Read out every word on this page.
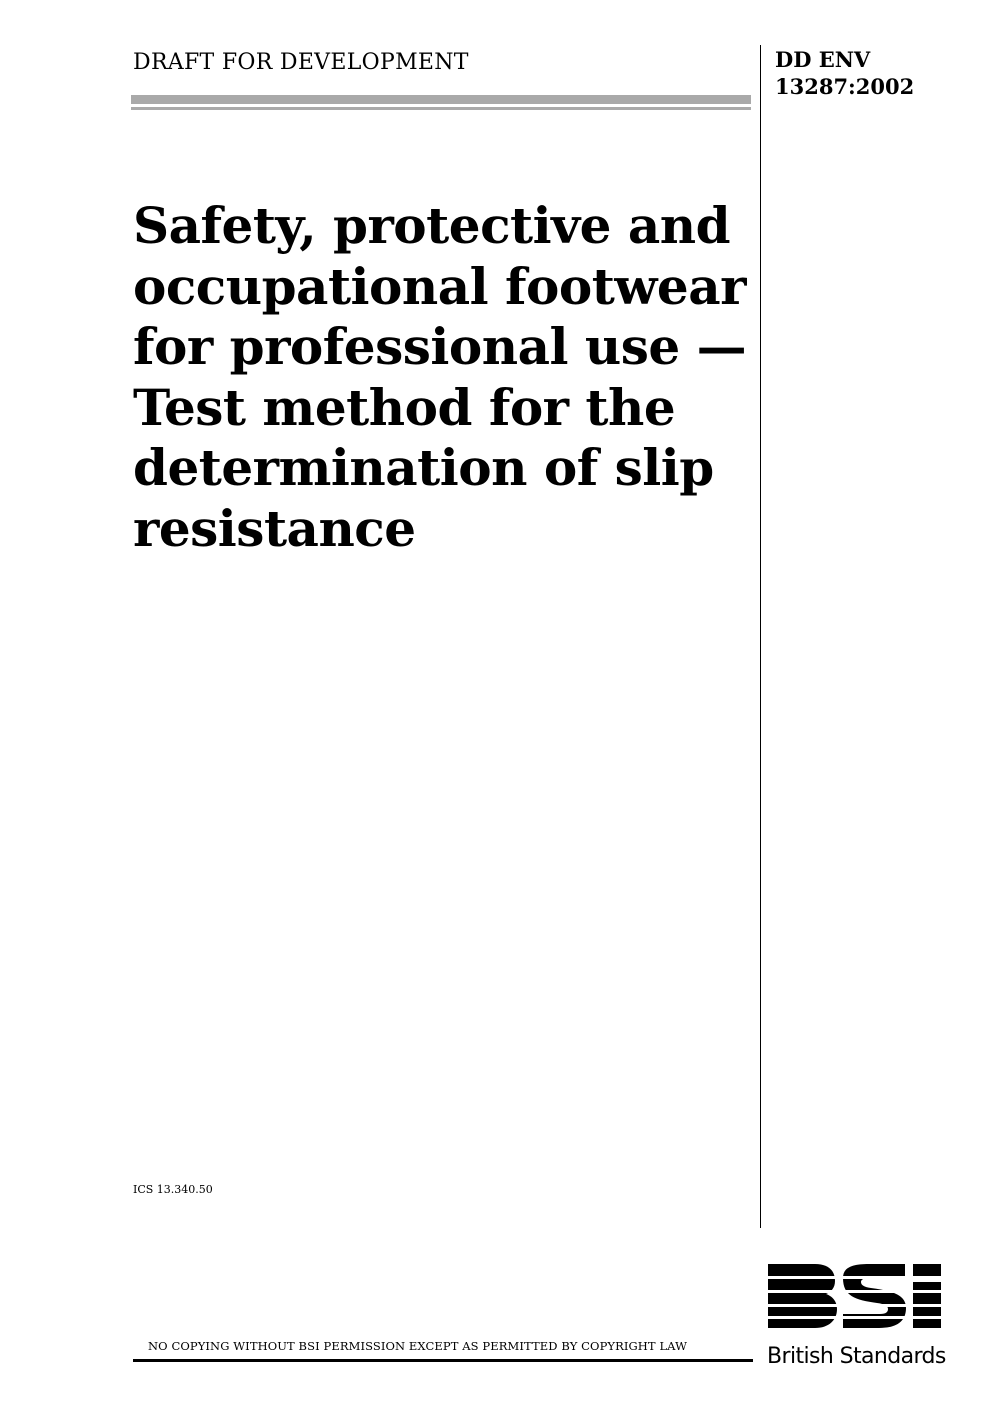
DRAFT FOR DEVELOPMENT	DD ENV
13287:2002
Safety, protective and
occupational footwear
for professional use —
Test method for the
determination of slip
resistance
ICS 13.340.50
NO COPYING WITHOUT BSI PERMISSION EXCEPT AS PERMITTED BY COPYRIGHT LAW	British Standards
